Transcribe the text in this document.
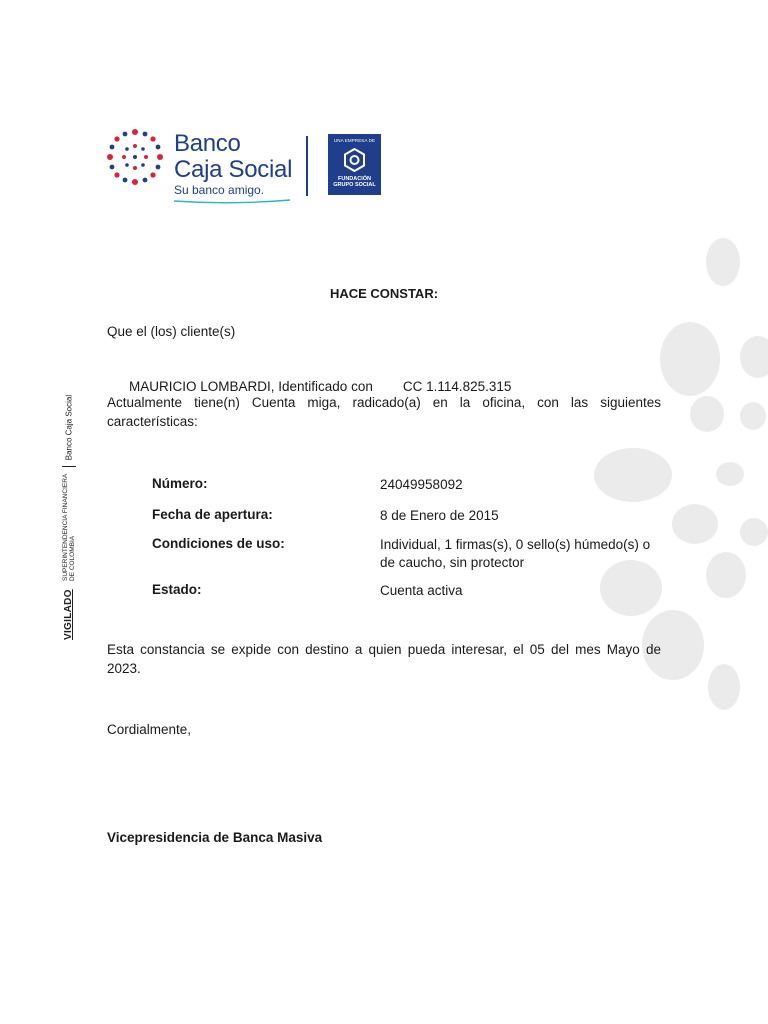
Banco
Caja Social
Su banco amigo.
UNA EMPRESA DE
FUNDACIÓN
GRUPO SOCIAL
VIGILADO SUPERINTENDENCIA FINANCIERA
DE COLOMBIA  Banco Caja Social
HACE CONSTAR:
Que el (los) cliente(s)
MAURICIO LOMBARDI, Identificado con        CC 1.114.825.315
Actualmente tiene(n) Cuenta miga, radicado(a) en la oficina, con las siguientes características:
Número:	24049958092
Fecha de apertura:	8 de Enero de 2015
Condiciones de uso:	Individual, 1 firmas(s), 0 sello(s) húmedo(s) o de caucho, sin protector
Estado:	Cuenta activa
Esta constancia se expide con destino a quien pueda interesar, el 05 del mes Mayo de 2023.
Cordialmente,
Vicepresidencia de Banca Masiva
